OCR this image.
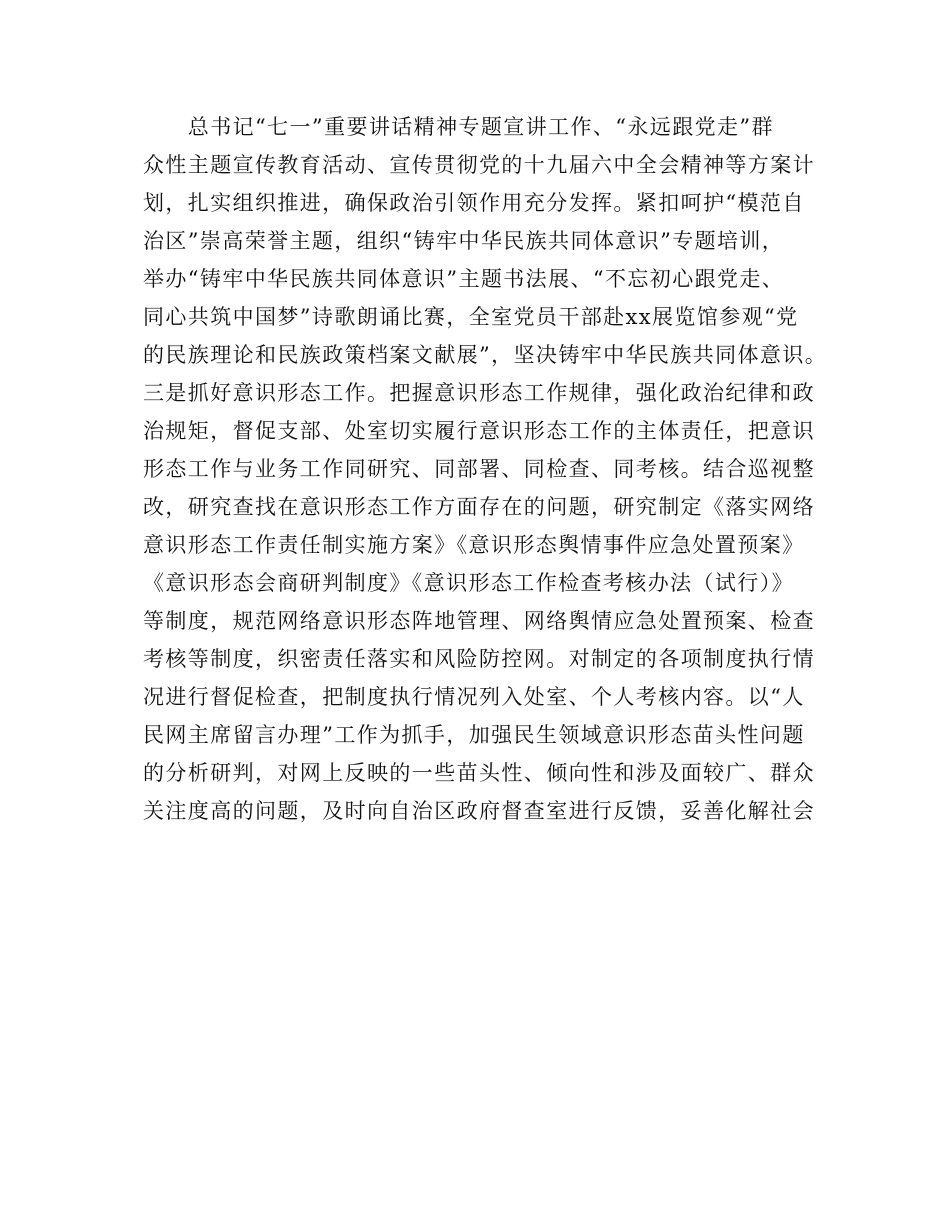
　　总书记“七一”重要讲话精神专题宣讲工作、“永远跟党走”群
众性主题宣传教育活动、宣传贯彻党的十九届六中全会精神等方案计
划，扎实组织推进，确保政治引领作用充分发挥。紧扣呵护“模范自
治区”崇高荣誉主题，组织“铸牢中华民族共同体意识”专题培训，
举办“铸牢中华民族共同体意识”主题书法展、“不忘初心跟党走、
同心共筑中国梦”诗歌朗诵比赛，全室党员干部赴xx展览馆参观“党
的民族理论和民族政策档案文献展”，坚决铸牢中华民族共同体意识。
三是抓好意识形态工作。把握意识形态工作规律，强化政治纪律和政
治规矩，督促支部、处室切实履行意识形态工作的主体责任，把意识
形态工作与业务工作同研究、同部署、同检查、同考核。结合巡视整
改，研究查找在意识形态工作方面存在的问题，研究制定《落实网络
意识形态工作责任制实施方案》《意识形态舆情事件应急处置预案》
《意识形态会商研判制度》《意识形态工作检查考核办法（试行）》
等制度，规范网络意识形态阵地管理、网络舆情应急处置预案、检查
考核等制度，织密责任落实和风险防控网。对制定的各项制度执行情
况进行督促检查，把制度执行情况列入处室、个人考核内容。以“人
民网主席留言办理”工作为抓手，加强民生领域意识形态苗头性问题
的分析研判，对网上反映的一些苗头性、倾向性和涉及面较广、群众
关注度高的问题，及时向自治区政府督查室进行反馈，妥善化解社会
